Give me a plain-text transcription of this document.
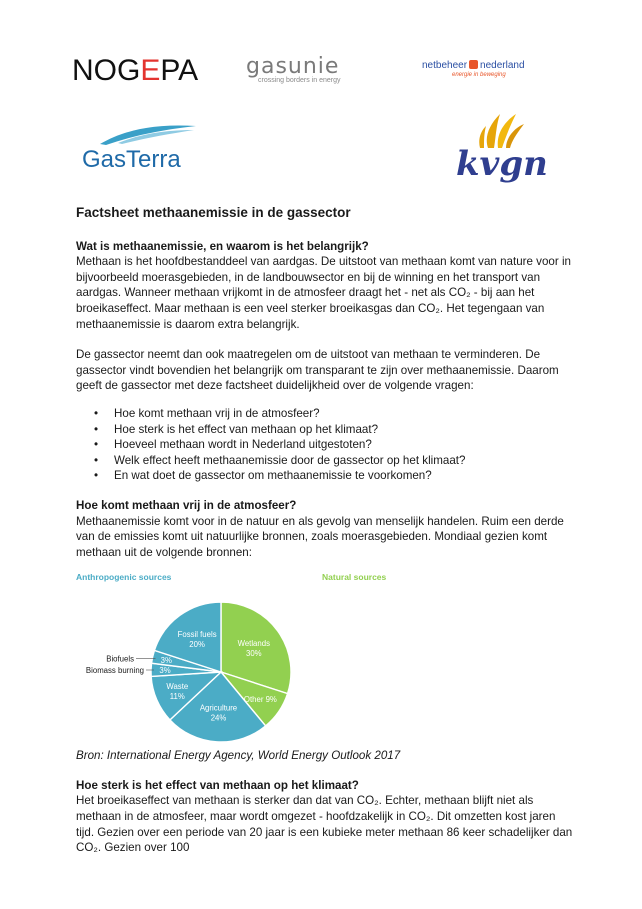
NOGEPA gasunie
crossing borders in energy
netbeheer nederland
energie in beweging
GasTerra	kvgn
Factsheet methaanemissie in de gassector
Wat is methaanemissie, en waarom is het belangrijk?

Methaan is het hoofdbestanddeel van aardgas. De uitstoot van methaan komt van nature voor in bijvoorbeeld moerasgebieden, in de landbouwsector en bij de winning en het transport van aardgas. Wanneer methaan vrijkomt in de atmosfeer draagt het - net als CO₂ - bij aan het broeikaseffect. Maar methaan is een veel sterker broeikasgas dan CO₂. Het tegengaan van methaanemissie is daarom extra belangrijk.

De gassector neemt dan ook maatregelen om de uitstoot van methaan te verminderen. De gassector vindt bovendien het belangrijk om transparant te zijn over methaanemissie. Daarom geeft de gassector met deze factsheet duidelijkheid over de volgende vragen:

• Hoe komt methaan vrij in de atmosfeer?
• Hoe sterk is het effect van methaan op het klimaat?
• Hoeveel methaan wordt in Nederland uitgestoten?
• Welk effect heeft methaanemissie door de gassector op het klimaat?
• En wat doet de gassector om methaanemissie te voorkomen?
Hoe komt methaan vrij in de atmosfeer?

Methaanemissie komt voor in de natuur en als gevolg van menselijk handelen. Ruim een derde van de emissies komt uit natuurlijke bronnen, zoals moerasgebieden. Mondiaal gezien komt methaan uit de volgende bronnen:

Anthropogenic sources	Natural sources
Wetlands
30%
Other 9%
Agriculture
24%
Waste
11%
3%
Biomass burning
3%
Biofuels
Fossil fuels
20%

Bron: International Energy Agency, World Energy Outlook 2017

Hoe sterk is het effect van methaan op het klimaat?

Het broeikaseffect van methaan is sterker dan dat van CO₂. Echter, methaan blijft niet als methaan in de atmosfeer, maar wordt omgezet - hoofdzakelijk in CO₂. Dit omzetten kost jaren tijd. Gezien over een periode van 20 jaar is een kubieke meter methaan 86 keer schadelijker dan CO₂. Gezien over 100
